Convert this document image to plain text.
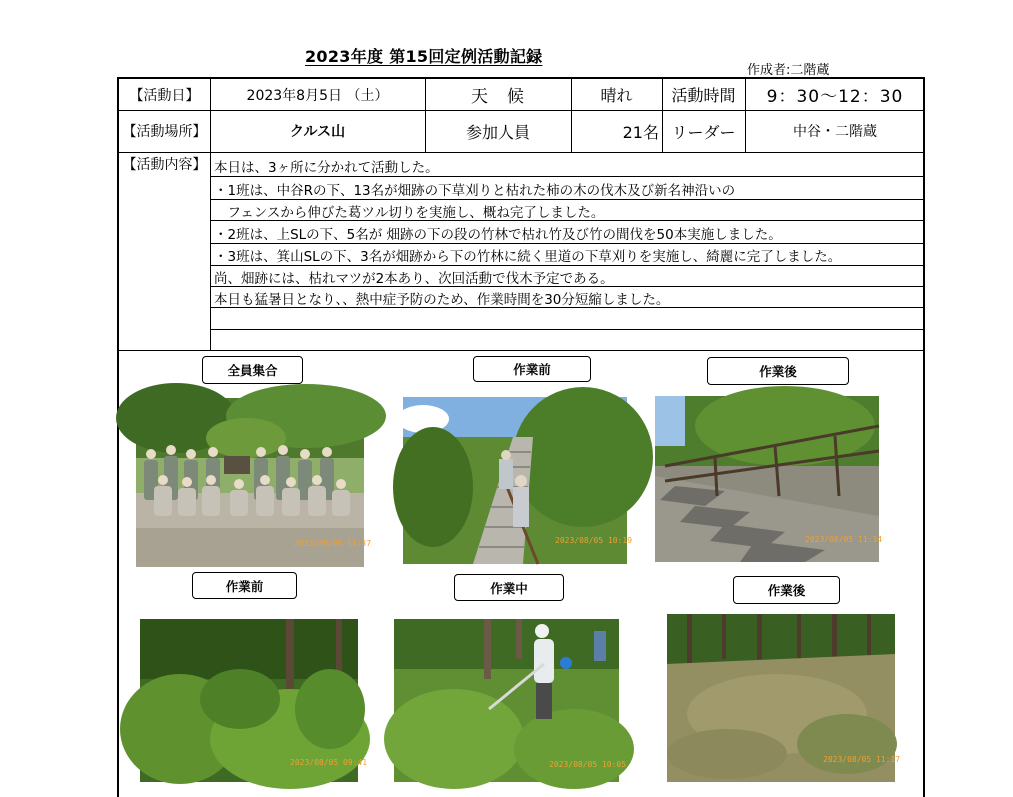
2023年度 第15回定例活動記録
作成者:二階蔵
【活動日】	2023年8月5日 （土）	天　候	晴れ	活動時間	9：30～12：30
【活動場所】	クルス山	参加人員	21名 リーダー	中谷・二階蔵
【活動内容】 本日は、3ヶ所に分かれて活動した。
・1班は、中谷Rの下、13名が畑跡の下草刈りと枯れた柿の木の伐木及び新名神沿いの
　フェンスから伸びた葛ツル切りを実施し、概ね完了しました。
・2班は、上SLの下、5名が 畑跡の下の段の竹林で枯れ竹及び竹の間伐を50本実施しました。
・3班は、箕山SLの下、3名が畑跡から下の竹林に続く里道の下草刈りを実施し、綺麗に完了しました。
尚、畑跡には、枯れマツが2本あり、次回活動で伐木予定である。
本日も猛暑日となり、、熱中症予防のため、作業時間を30分短縮しました。
全員集合	作業前	作業後
2023/08/05 11:37	2023/08/05 10:19	2023/08/05 11:34
作業前	作業中	作業後
2023/08/05 09:41	2023/08/05 10:05
2023/08/05 11:17
